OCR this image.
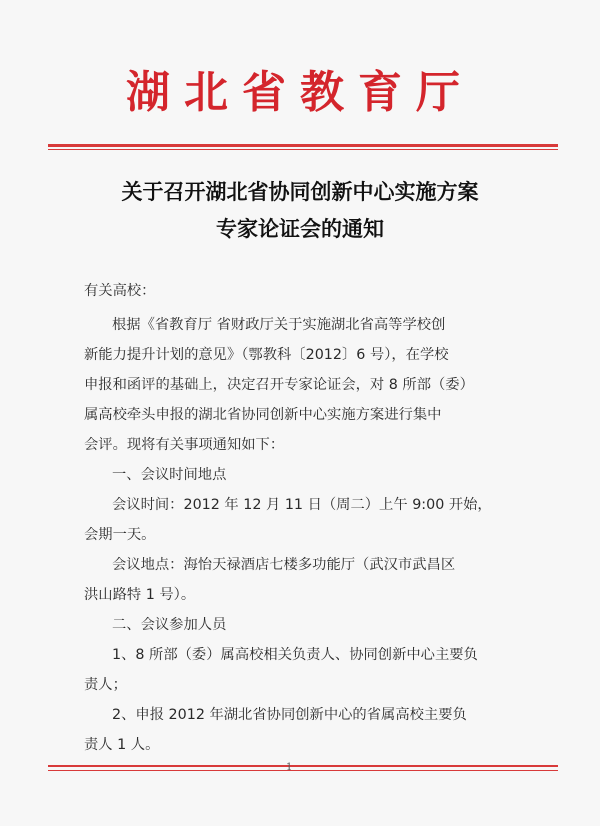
湖北省教育厅
关于召开湖北省协同创新中心实施方案
专家论证会的通知
有关高校：
根据《省教育厅 省财政厅关于实施湖北省高等学校创
新能力提升计划的意见》（鄂教科〔2012〕6 号），在学校
申报和函评的基础上，决定召开专家论证会，对 8 所部（委）
属高校牵头申报的湖北省协同创新中心实施方案进行集中
会评。现将有关事项通知如下：
一、会议时间地点
会议时间：2012 年 12 月 11 日（周二）上午 9:00 开始，
会期一天。
会议地点：海怡天禄酒店七楼多功能厅（武汉市武昌区
洪山路特 1 号）。
二、会议参加人员
1、8 所部（委）属高校相关负责人、协同创新中心主要负
责人；
2、申报 2012 年湖北省协同创新中心的省属高校主要负
责人 1 人。
1
